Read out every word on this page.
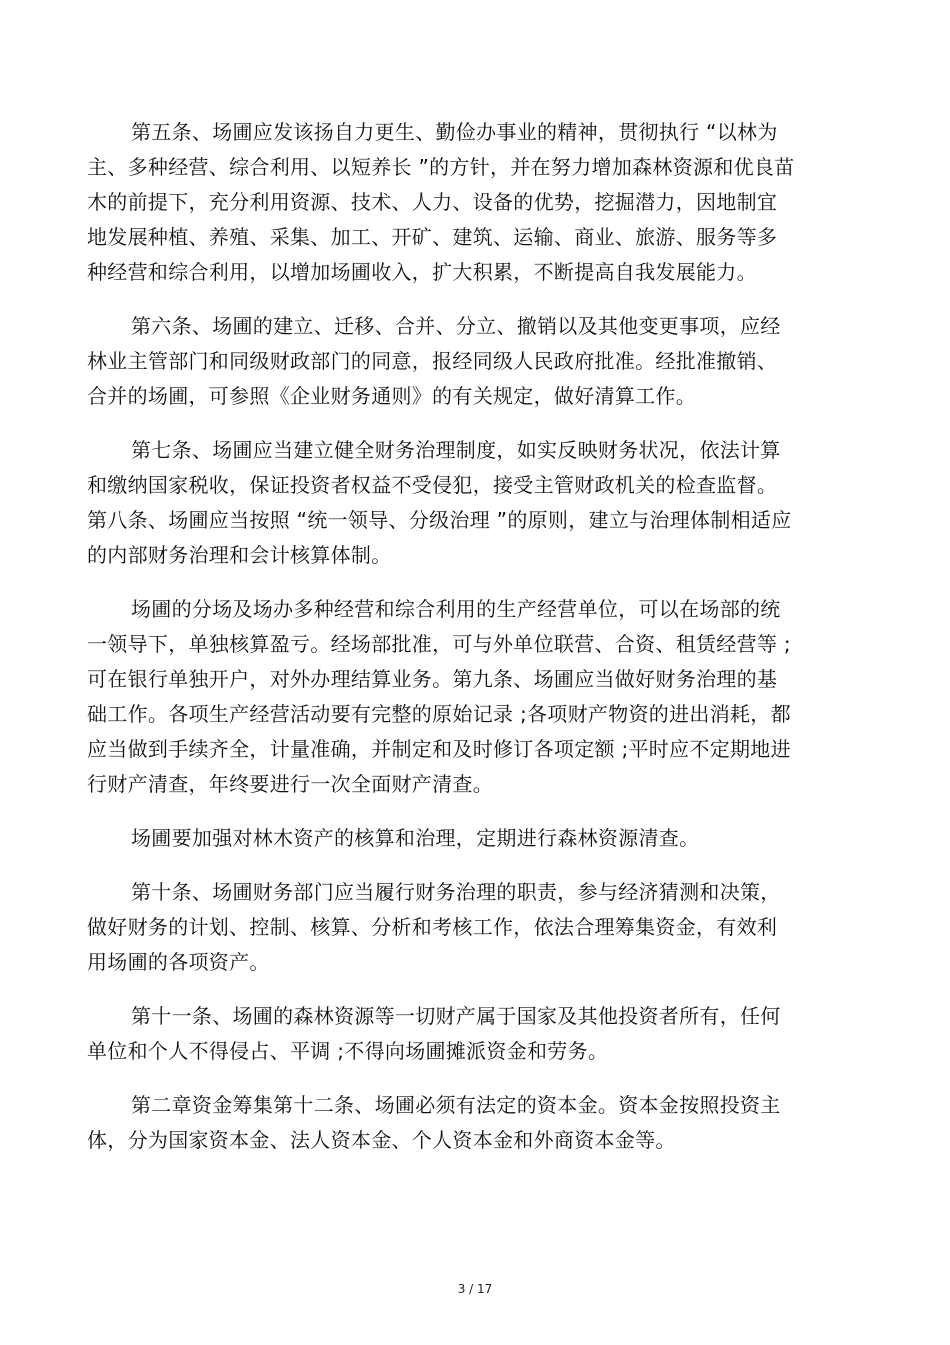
第五条、场圃应发该扬自力更生、勤俭办事业的精神，贯彻执行 “以林为
主、多种经营、综合利用、以短养长 ”的方针，并在努力增加森林资源和优良苗
木的前提下，充分利用资源、技术、人力、设备的优势，挖掘潜力，因地制宜
地发展种植、养殖、采集、加工、开矿、建筑、运输、商业、旅游、服务等多
种经营和综合利用，以增加场圃收入，扩大积累，不断提高自我发展能力。
第六条、场圃的建立、迁移、合并、分立、撤销以及其他变更事项，应经
林业主管部门和同级财政部门的同意，报经同级人民政府批准。经批准撤销、
合并的场圃，可参照《企业财务通则》的有关规定，做好清算工作。
第七条、场圃应当建立健全财务治理制度，如实反映财务状况，依法计算
和缴纳国家税收，保证投资者权益不受侵犯，接受主管财政机关的检查监督。
第八条、场圃应当按照 “统一领导、分级治理 ”的原则，建立与治理体制相适应
的内部财务治理和会计核算体制。
场圃的分场及场办多种经营和综合利用的生产经营单位，可以在场部的统
一领导下，单独核算盈亏。经场部批准，可与外单位联营、合资、租赁经营等 ;
可在银行单独开户，对外办理结算业务。第九条、场圃应当做好财务治理的基
础工作。各项生产经营活动要有完整的原始记录 ;各项财产物资的进出消耗，都
应当做到手续齐全，计量准确，并制定和及时修订各项定额 ;平时应不定期地进
行财产清查，年终要进行一次全面财产清查。
场圃要加强对林木资产的核算和治理，定期进行森林资源清查。
第十条、场圃财务部门应当履行财务治理的职责，参与经济猜测和决策，
做好财务的计划、控制、核算、分析和考核工作，依法合理筹集资金，有效利
用场圃的各项资产。
第十一条、场圃的森林资源等一切财产属于国家及其他投资者所有，任何
单位和个人不得侵占、平调 ;不得向场圃摊派资金和劳务。
第二章资金筹集第十二条、场圃必须有法定的资本金。资本金按照投资主
体，分为国家资本金、法人资本金、个人资本金和外商资本金等。
3 / 17
